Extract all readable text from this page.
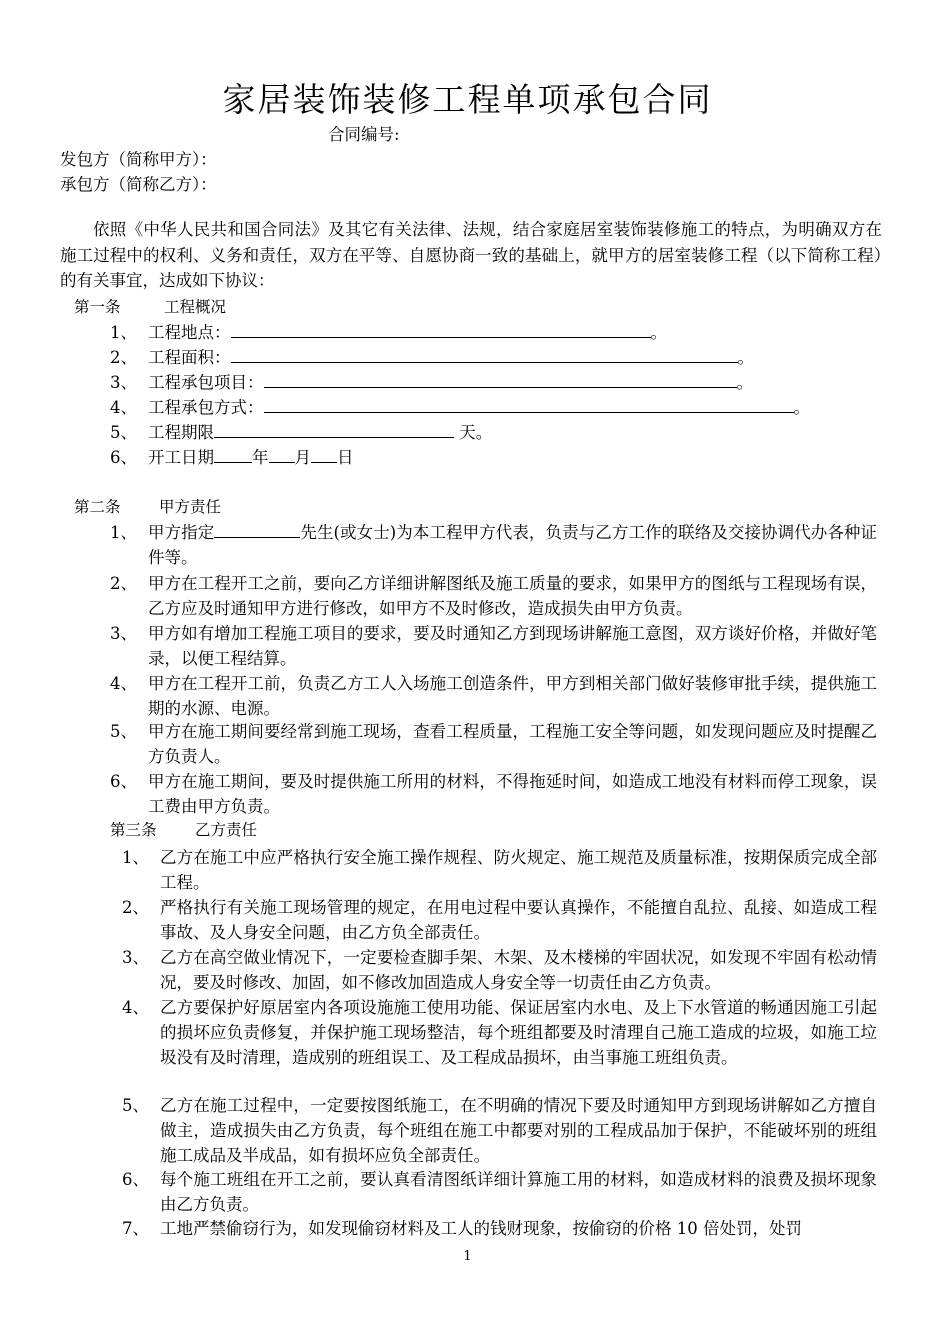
家居装饰装修工程单项承包合同
合同编号:
发包方（简称甲方）：
承包方（简称乙方）：
依照《中华人民共和国合同法》及其它有关法律、法规，结合家庭居室装饰装修施工的特点，为明确双方在施工过程中的权利、义务和责任，双方在平等、自愿协商一致的基础上，就甲方的居室装修工程（以下简称工程）的有关事宜，达成如下协议：
第一条	工程概况
1、 工程地点：	。
2、 工程面积：	。
3、 工程承包项目：	。
4、 工程承包方式：	。
5、 工程期限	天。
6、 开工日期 年 月 日
第二条 甲方责任
1、 甲方指定	先生(或女士)为本工程甲方代表，负责与乙方工作的联络及交接协调代办各种证件等。
2、 甲方在工程开工之前，要向乙方详细讲解图纸及施工质量的要求，如果甲方的图纸与工程现场有误，乙方应及时通知甲方进行修改，如甲方不及时修改，造成损失由甲方负责。
3、 甲方如有增加工程施工项目的要求，要及时通知乙方到现场讲解施工意图，双方谈好价格，并做好笔录，以便工程结算。
4、 甲方在工程开工前，负责乙方工人入场施工创造条件，甲方到相关部门做好装修审批手续，提供施工期的水源、电源。
5、 甲方在施工期间要经常到施工现场，查看工程质量，工程施工安全等问题，如发现问题应及时提醒乙方负责人。
6、 甲方在施工期间，要及时提供施工所用的材料，不得拖延时间，如造成工地没有材料而停工现象，误工费由甲方负责。
第三条 乙方责任
1、 乙方在施工中应严格执行安全施工操作规程、防火规定、施工规范及质量标准，按期保质完成全部工程。
2、 严格执行有关施工现场管理的规定，在用电过程中要认真操作，不能擅自乱拉、乱接、如造成工程事故、及人身安全问题，由乙方负全部责任。
3、 乙方在高空做业情况下，一定要检查脚手架、木架、及木楼梯的牢固状况，如发现不牢固有松动情况，要及时修改、加固，如不修改加固造成人身安全等一切责任由乙方负责。
4、 乙方要保护好原居室内各项设施施工使用功能、保证居室内水电、及上下水管道的畅通因施工引起的损坏应负责修复，并保护施工现场整洁，每个班组都要及时清理自己施工造成的垃圾，如施工垃圾没有及时清理，造成别的班组误工、及工程成品损坏，由当事施工班组负责。
5、 乙方在施工过程中，一定要按图纸施工，在不明确的情况下要及时通知甲方到现场讲解如乙方擅自做主，造成损失由乙方负责，每个班组在施工中都要对别的工程成品加于保护，不能破坏别的班组施工成品及半成品，如有损坏应负全部责任。
6、 每个施工班组在开工之前，要认真看清图纸详细计算施工用的材料，如造成材料的浪费及损坏现象由乙方负责。
7、 工地严禁偷窃行为，如发现偷窃材料及工人的钱财现象，按偷窃的价格 10 倍处罚，处罚
1
